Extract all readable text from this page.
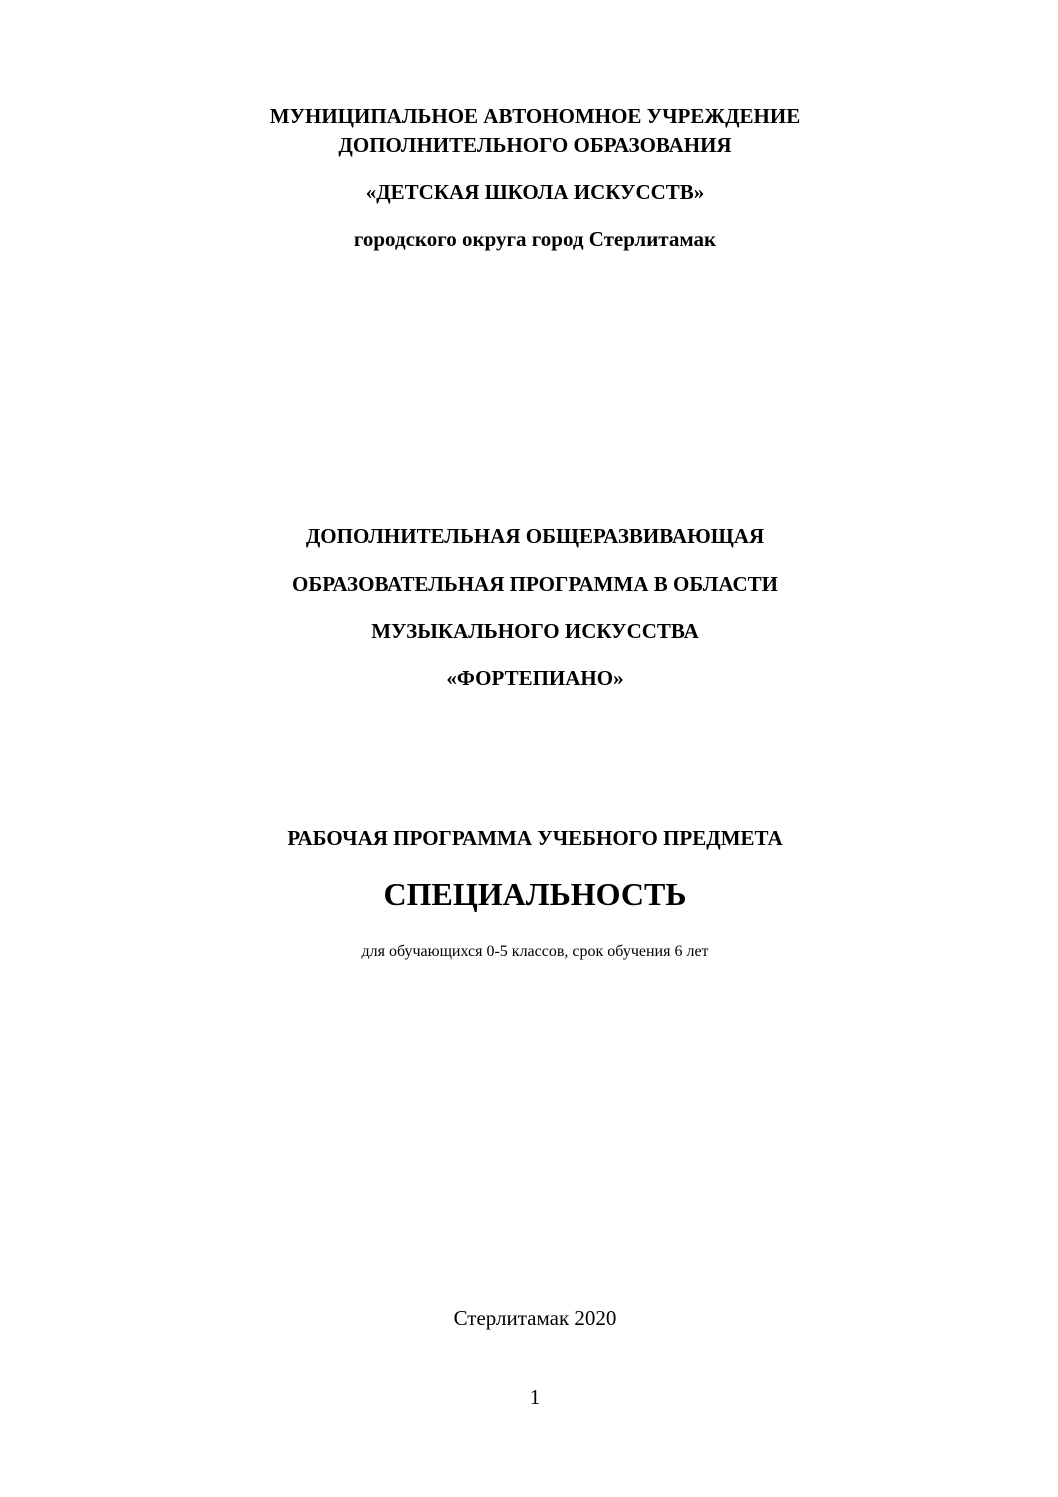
МУНИЦИПАЛЬНОЕ АВТОНОМНОЕ УЧРЕЖДЕНИЕ
ДОПОЛНИТЕЛЬНОГО ОБРАЗОВАНИЯ
«ДЕТСКАЯ ШКОЛА ИСКУССТВ»
городского округа город Стерлитамак
ДОПОЛНИТЕЛЬНАЯ ОБЩЕРАЗВИВАЮЩАЯ
ОБРАЗОВАТЕЛЬНАЯ ПРОГРАММА В ОБЛАСТИ
МУЗЫКАЛЬНОГО ИСКУССТВА
«ФОРТЕПИАНО»
РАБОЧАЯ ПРОГРАММА УЧЕБНОГО ПРЕДМЕТА
СПЕЦИАЛЬНОСТЬ
для обучающихся 0-5 классов, срок обучения 6 лет
Стерлитамак 2020
1
